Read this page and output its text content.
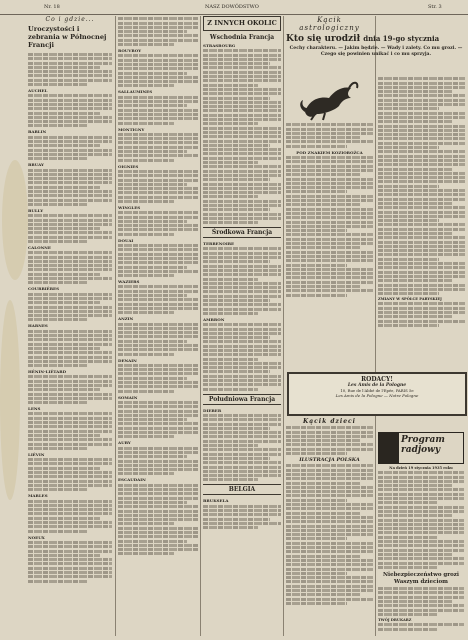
Nr. 18	NASZ DOWÓDSTWO	Str. 3
Co i gdzie...
Uroczystości i zebrania w Północnej Francji
AUCHEL
BARLIN
BRUAY
BULLY
CALONNE
COURRIÈRES
HARNES
HÉNIN-LIÉTARD
LENS
LIÉVIN
MARLES
NOEUX
ROUVROY
SALLAUMINES
MONTIGNY
OIGNIES
WINGLES
DOUAI
WAZIERS
ANZIN
DENAIN
SOMAIN
AUBY
ESCAUDAIN
Z INNYCH OKOLIC
Wschodnia Francja
STRASBOURG
Środkowa Francja
TERRENOIRE
AMBRON
Południowa Francja
DIEBER
BELGIA
BRUKSELA
Kącik astrologiczny
Kto się urodził dnia 19-go stycznia
Cechy charakteru. — Jakim będzie. — Wady i zalety. Co mu grozi. — Czego się powinien unikać i co mu sprzyja.
POD ZNAKIEM KOZIOROŻCA
RODACY!
Les Amis de la Pologne
10, Rue de l'Abbé de l'Epée, PARIS 5e
Les Amis de la Pologne — Notre Pologne
Kącik dzieci
ILUSTRACJA POLSKA
ZMIANY W SPÓŁCE PARYSKIEJ
Program radjowy
Na dzień 19 stycznia 1935 roku
Niebezpieczeństwo grozi Waszym dzieciom
TWÓJ DRUKARZ
